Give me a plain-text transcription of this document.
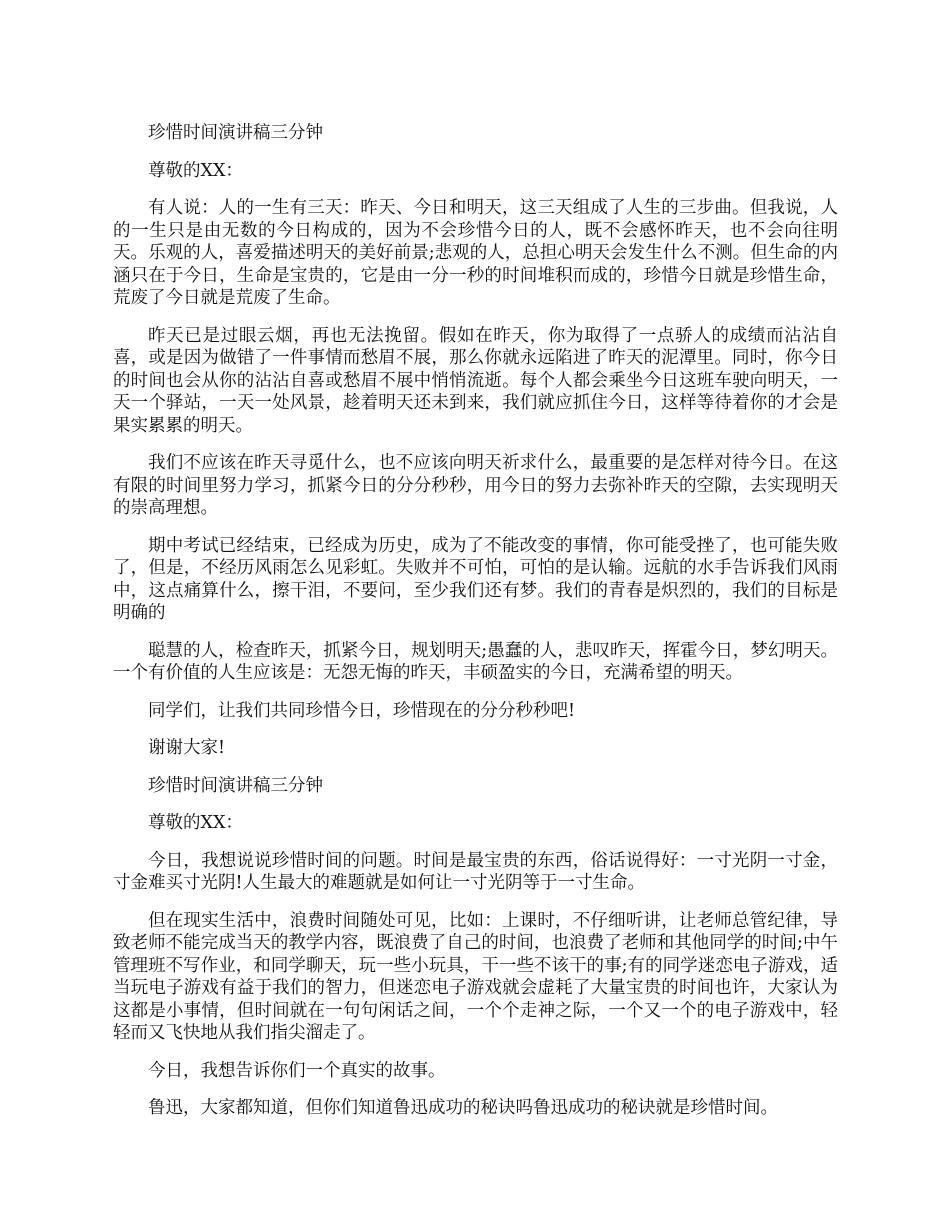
珍惜时间演讲稿三分钟

尊敬的XX：

有人说：人的一生有三天：昨天、今日和明天，这三天组成了人生的三步曲。但我说，人的一生只是由无数的今日构成的，因为不会珍惜今日的人，既不会感怀昨天，也不会向往明天。乐观的人，喜爱描述明天的美好前景;悲观的人，总担心明天会发生什么不测。但生命的内涵只在于今日，生命是宝贵的，它是由一分一秒的时间堆积而成的，珍惜今日就是珍惜生命，荒废了今日就是荒废了生命。

昨天已是过眼云烟，再也无法挽留。假如在昨天，你为取得了一点骄人的成绩而沾沾自喜，或是因为做错了一件事情而愁眉不展，那么你就永远陷进了昨天的泥潭里。同时，你今日的时间也会从你的沾沾自喜或愁眉不展中悄悄流逝。每个人都会乘坐今日这班车驶向明天，一天一个驿站，一天一处风景，趁着明天还未到来，我们就应抓住今日，这样等待着你的才会是果实累累的明天。

我们不应该在昨天寻觅什么，也不应该向明天祈求什么，最重要的是怎样对待今日。在这有限的时间里努力学习，抓紧今日的分分秒秒，用今日的努力去弥补昨天的空隙，去实现明天的崇高理想。

期中考试已经结束，已经成为历史，成为了不能改变的事情，你可能受挫了，也可能失败了，但是，不经历风雨怎么见彩虹。失败并不可怕，可怕的是认输。远航的水手告诉我们风雨中，这点痛算什么，擦干泪，不要问，至少我们还有梦。我们的青春是炽烈的，我们的目标是明确的

聪慧的人，检查昨天，抓紧今日，规划明天;愚蠢的人，悲叹昨天，挥霍今日，梦幻明天。一个有价值的人生应该是：无怨无悔的昨天，丰硕盈实的今日，充满希望的明天。

同学们，让我们共同珍惜今日，珍惜现在的分分秒秒吧!

谢谢大家!

珍惜时间演讲稿三分钟

尊敬的XX：

今日，我想说说珍惜时间的问题。时间是最宝贵的东西，俗话说得好：一寸光阴一寸金，寸金难买寸光阴!人生最大的难题就是如何让一寸光阴等于一寸生命。

但在现实生活中，浪费时间随处可见，比如：上课时，不仔细听讲，让老师总管纪律，导致老师不能完成当天的教学内容，既浪费了自己的时间，也浪费了老师和其他同学的时间;中午管理班不写作业，和同学聊天，玩一些小玩具，干一些不该干的事;有的同学迷恋电子游戏，适当玩电子游戏有益于我们的智力，但迷恋电子游戏就会虚耗了大量宝贵的时间也许，大家认为这都是小事情，但时间就在一句句闲话之间，一个个走神之际，一个又一个的电子游戏中，轻轻而又飞快地从我们指尖溜走了。

今日，我想告诉你们一个真实的故事。

鲁迅，大家都知道，但你们知道鲁迅成功的秘诀吗鲁迅成功的秘诀就是珍惜时间。
